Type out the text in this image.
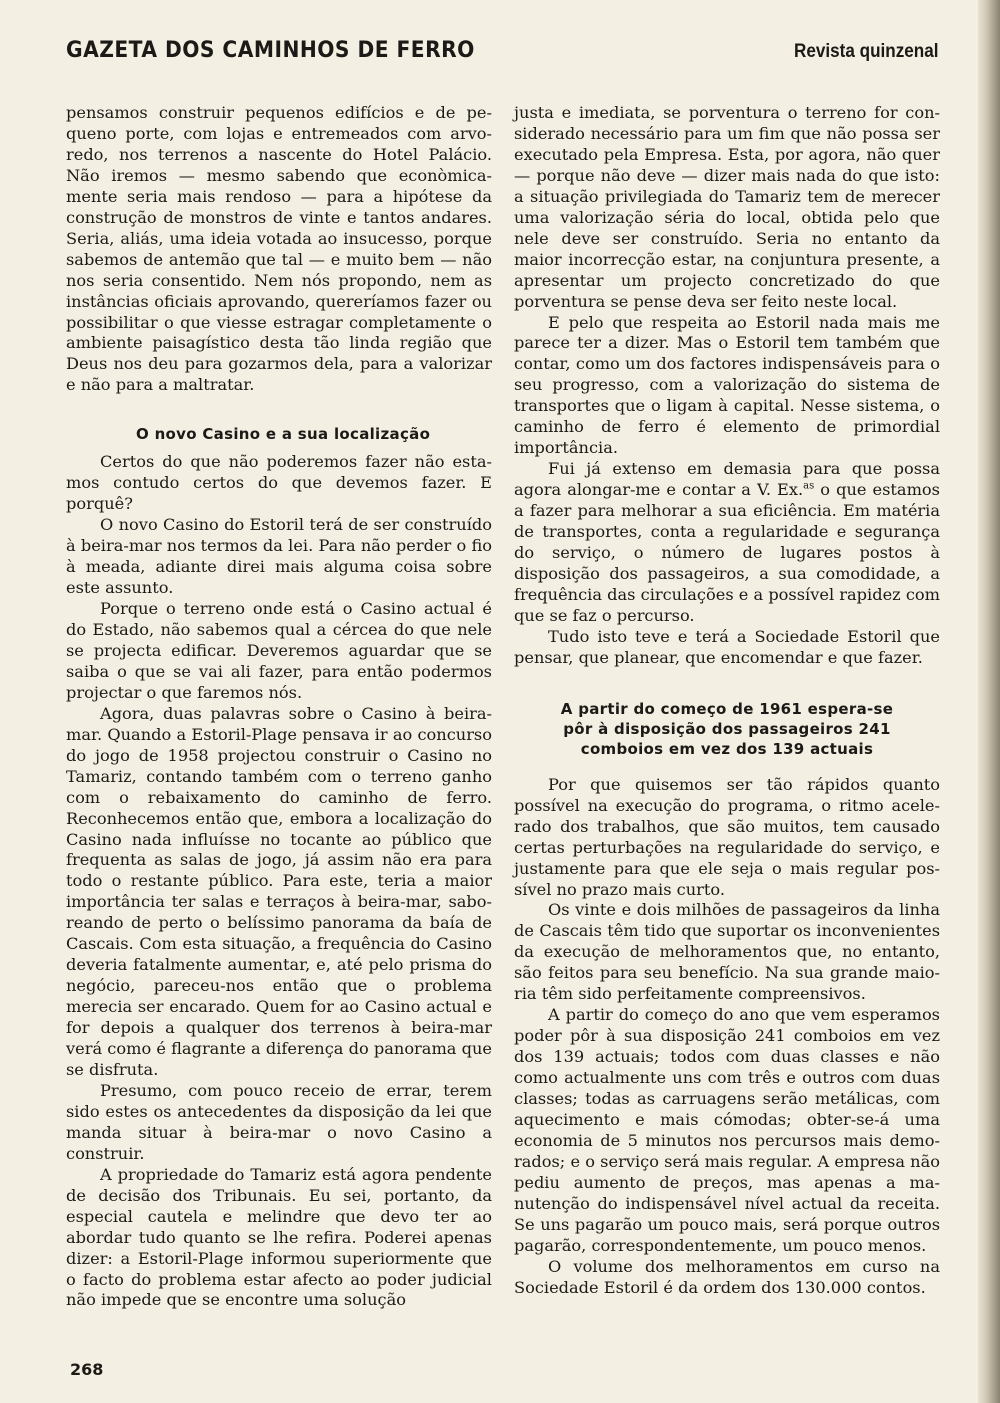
GAZETA DOS CAMINHOS DE FERRO	Revista quinzenal

pensamos construir pequenos edifícios e de pequeno porte, com lojas e entremeados com arvoredo, nos terrenos a nascente do Hotel Palácio. Não iremos — mesmo sabendo que econòmicamente seria mais rendoso — para a hipótese da construção de monstros de vinte e tantos andares. Seria, aliás, uma ideia votada ao insucesso, porque sabemos de antemão que tal — e muito bem — não nos seria consentido. Nem nós propondo, nem as instâncias oficiais aprovando, quereríamos fazer ou possibilitar o que viesse estragar completamente o ambiente paisagístico desta tão linda região que Deus nos deu para gozarmos dela, para a valorizar e não para a maltratar.

O novo Casino e a sua localização

Certos do que não poderemos fazer não estamos contudo certos do que devemos fazer. E porquê?

O novo Casino do Estoril terá de ser construído à beira-mar nos termos da lei. Para não perder o fio à meada, adiante direi mais alguma coisa sobre este assunto.

Porque o terreno onde está o Casino actual é do Estado, não sabemos qual a cércea do que nele se projecta edificar. Deveremos aguardar que se saiba o que se vai ali fazer, para então podermos projectar o que faremos nós.

Agora, duas palavras sobre o Casino à beira-mar. Quando a Estoril-Plage pensava ir ao concurso do jogo de 1958 projectou construir o Casino no Tamariz, contando também com o terreno ganho com o rebaixamento do caminho de ferro. Reconhecemos então que, embora a localização do Casino nada influísse no tocante ao público que frequenta as salas de jogo, já assim não era para todo o restante público. Para este, teria a maior importância ter salas e terraços à beira-mar, saboreando de perto o belíssimo panorama da baía de Cascais. Com esta situação, a frequência do Casino deveria fatalmente aumentar, e, até pelo prisma do negócio, pareceu-nos então que o problema merecia ser encarado. Quem for ao Casino actual e for depois a qualquer dos terrenos à beira-mar verá como é flagrante a diferença do panorama que se disfruta.

Presumo, com pouco receio de errar, terem sido estes os antecedentes da disposição da lei que manda situar à beira-mar o novo Casino a construir.

A propriedade do Tamariz está agora pendente de decisão dos Tribunais. Eu sei, portanto, da especial cautela e melindre que devo ter ao abordar tudo quanto se lhe refira. Poderei apenas dizer: a Estoril-Plage informou superiormente que o facto do problema estar afecto ao poder judicial não impede que se encontre uma solução

justa e imediata, se porventura o terreno for considerado necessário para um fim que não possa ser executado pela Empresa. Esta, por agora, não quer — porque não deve — dizer mais nada do que isto: a situação privilegiada do Tamariz tem de merecer uma valorização séria do local, obtida pelo que nele deve ser construído. Seria no entanto da maior incorrecção estar, na conjuntura presente, a apresentar um projecto concretizado do que porventura se pense deva ser feito neste local.

E pelo que respeita ao Estoril nada mais me parece ter a dizer. Mas o Estoril tem também que contar, como um dos factores indispensáveis para o seu progresso, com a valorização do sistema de transportes que o ligam à capital. Nesse sistema, o caminho de ferro é elemento de primordial importância.

Fui já extenso em demasia para que possa agora alongar-me e contar a V. Ex.$^{as}$ o que estamos a fazer para melhorar a sua eficiência. Em matéria de transportes, conta a regularidade e segurança do serviço, o número de lugares postos à disposição dos passageiros, a sua comodidade, a frequência das circulações e a possível rapidez com que se faz o percurso.

Tudo isto teve e terá a Sociedade Estoril que pensar, que planear, que encomendar e que fazer.

A partir do começo de 1961 espera-se
pôr à disposição dos passageiros 241
comboios em vez dos 139 actuais

Por que quisemos ser tão rápidos quanto possível na execução do programa, o ritmo acelerado dos trabalhos, que são muitos, tem causado certas perturbações na regularidade do serviço, e justamente para que ele seja o mais regular possível no prazo mais curto.

Os vinte e dois milhões de passageiros da linha de Cascais têm tido que suportar os inconvenientes da execução de melhoramentos que, no entanto, são feitos para seu benefício. Na sua grande maioria têm sido perfeitamente compreensivos.

A partir do começo do ano que vem esperamos poder pôr à sua disposição 241 comboios em vez dos 139 actuais; todos com duas classes e não como actualmente uns com três e outros com duas classes; todas as carruagens serão metálicas, com aquecimento e mais cómodas; obter-se-á uma economia de 5 minutos nos percursos mais demorados; e o serviço será mais regular. A empresa não pediu aumento de preços, mas apenas a manutenção do indispensável nível actual da receita. Se uns pagarão um pouco mais, será porque outros pagarão, correspondentemente, um pouco menos.

O volume dos melhoramentos em curso na Sociedade Estoril é da ordem dos 130.000 contos.

268
